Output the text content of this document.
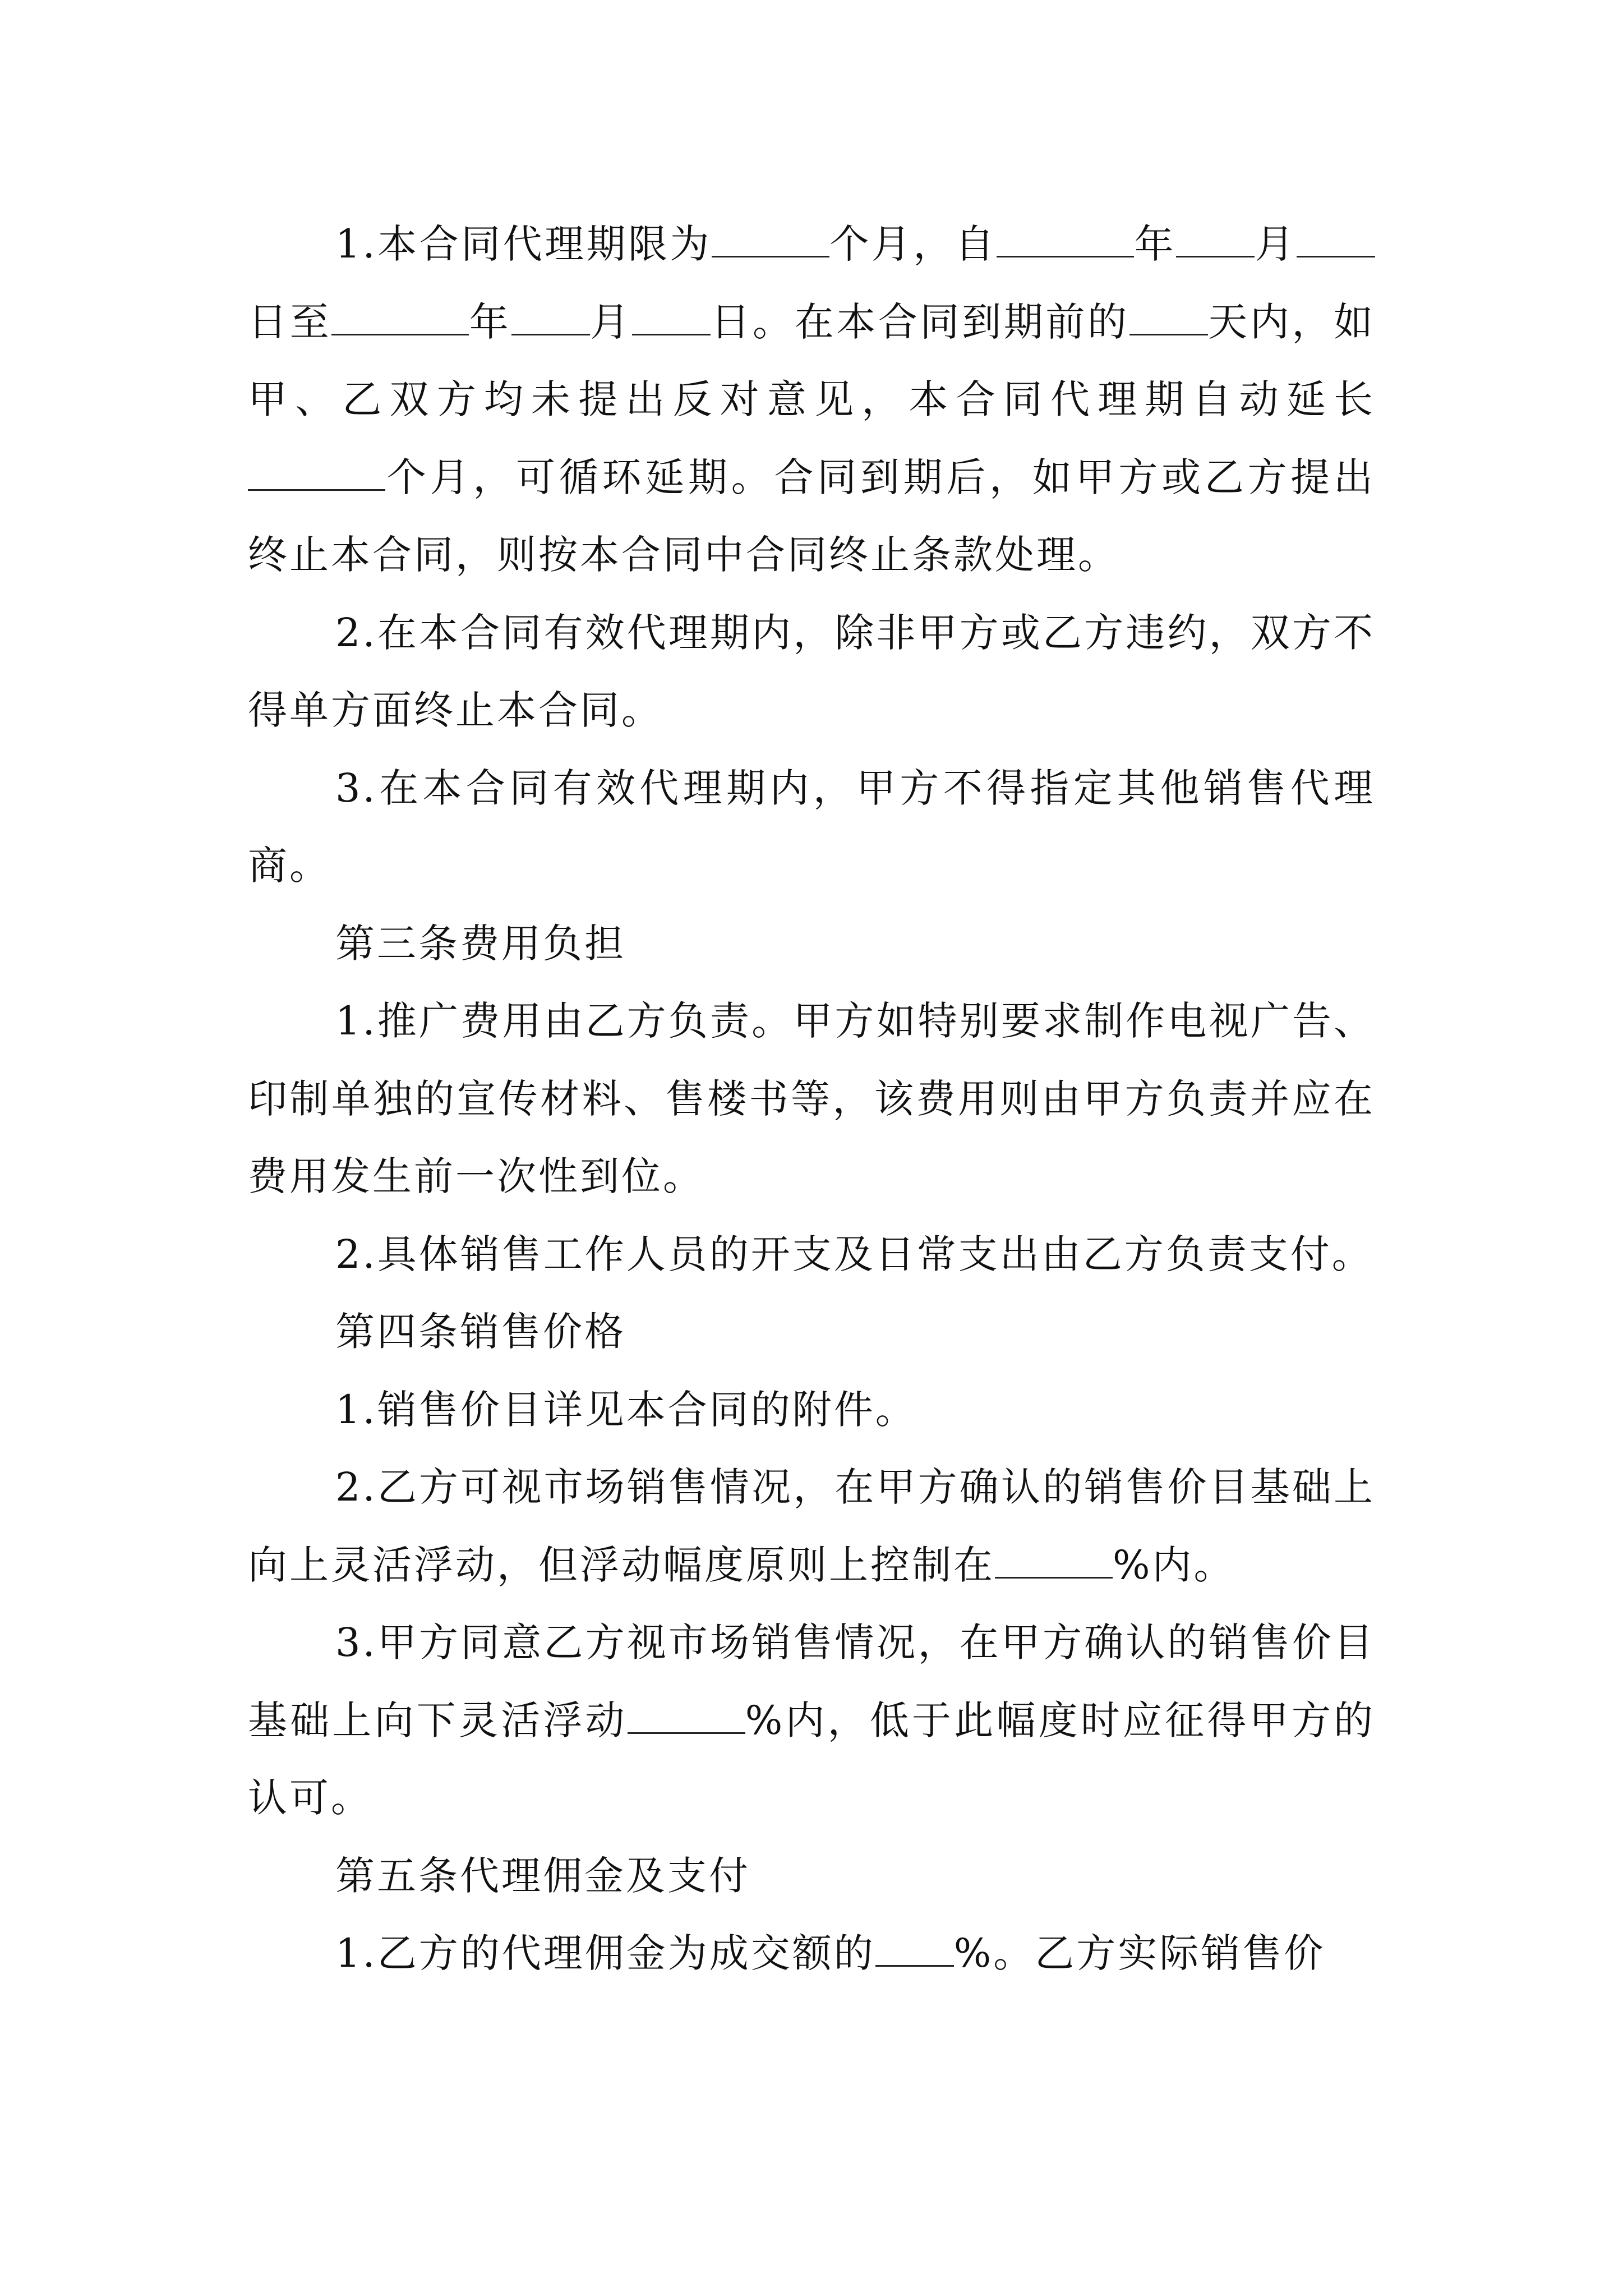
1.本合同代理期限为	个月，自	年 月日至	年 月 日。在本合同到期前的 天内，如甲、乙双方均未提出反对意见，本合同代理期自动延长个月，可循环延期。合同到期后，如甲方或乙方提出终止本合同，则按本合同中合同终止条款处理。

2.在本合同有效代理期内，除非甲方或乙方违约，双方不得单方面终止本合同。

3.在本合同有效代理期内，甲方不得指定其他销售代理商。

第三条费用负担

1.推广费用由乙方负责。甲方如特别要求制作电视广告、印制单独的宣传材料、售楼书等，该费用则由甲方负责并应在费用发生前一次性到位。

2.具体销售工作人员的开支及日常支出由乙方负责支付。

第四条销售价格

1.销售价目详见本合同的附件。

2.乙方可视市场销售情况，在甲方确认的销售价目基础上向上灵活浮动，但浮动幅度原则上控制在	%内。

3.甲方同意乙方视市场销售情况，在甲方确认的销售价目基础上向下灵活浮动	%内，低于此幅度时应征得甲方的认可。

第五条代理佣金及支付

1.乙方的代理佣金为成交额的 %。乙方实际销售价
